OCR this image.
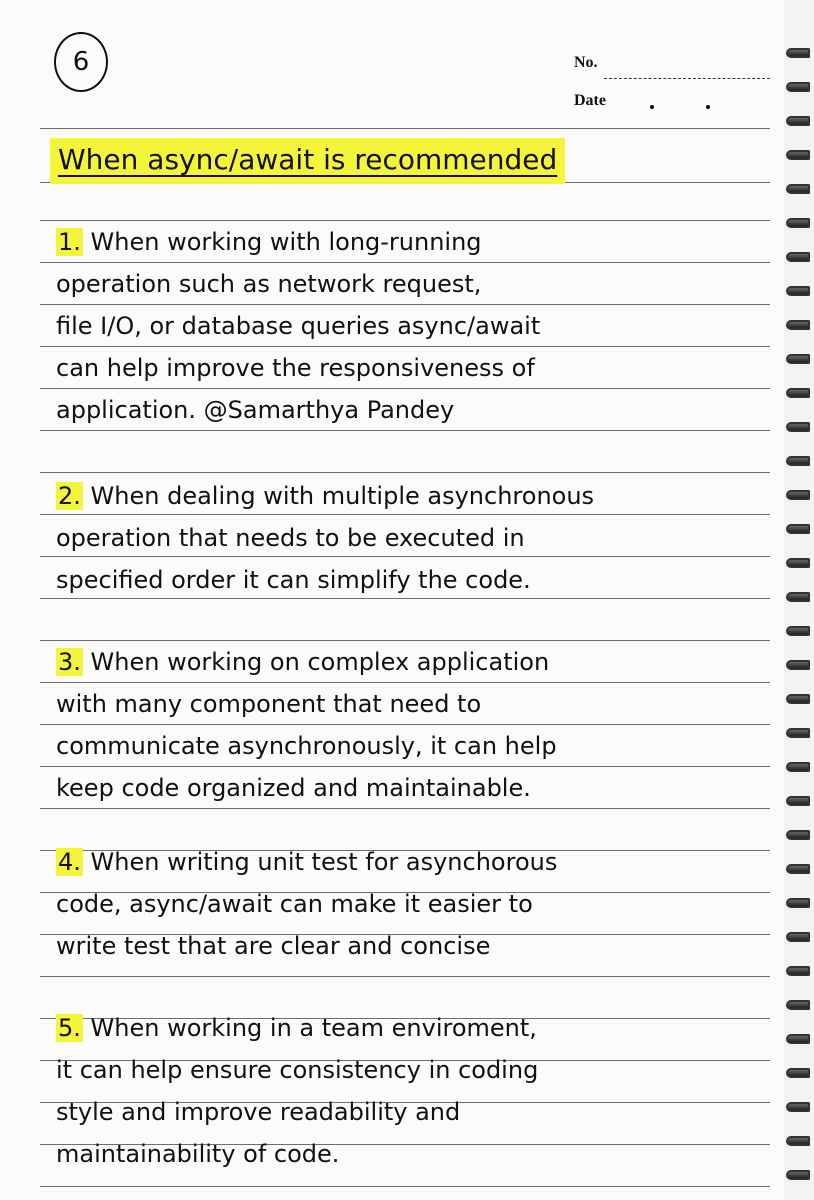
6	No.
Date
When async/await is recommended
1. When working with long-running
operation such as network request,
file I/O, or database queries async/await
can help improve the responsiveness of
application. @Samarthya Pandey
2. When dealing with multiple asynchronous
operation that needs to be executed in
specified order it can simplify the code.
3. When working on complex application
with many component that need to
communicate asynchronously, it can help
keep code organized and maintainable.
4. When writing unit test for asynchorous
code, async/await can make it easier to
write test that are clear and concise
5. When working in a team enviroment,
it can help ensure consistency in coding
style and improve readability and
maintainability of code.
